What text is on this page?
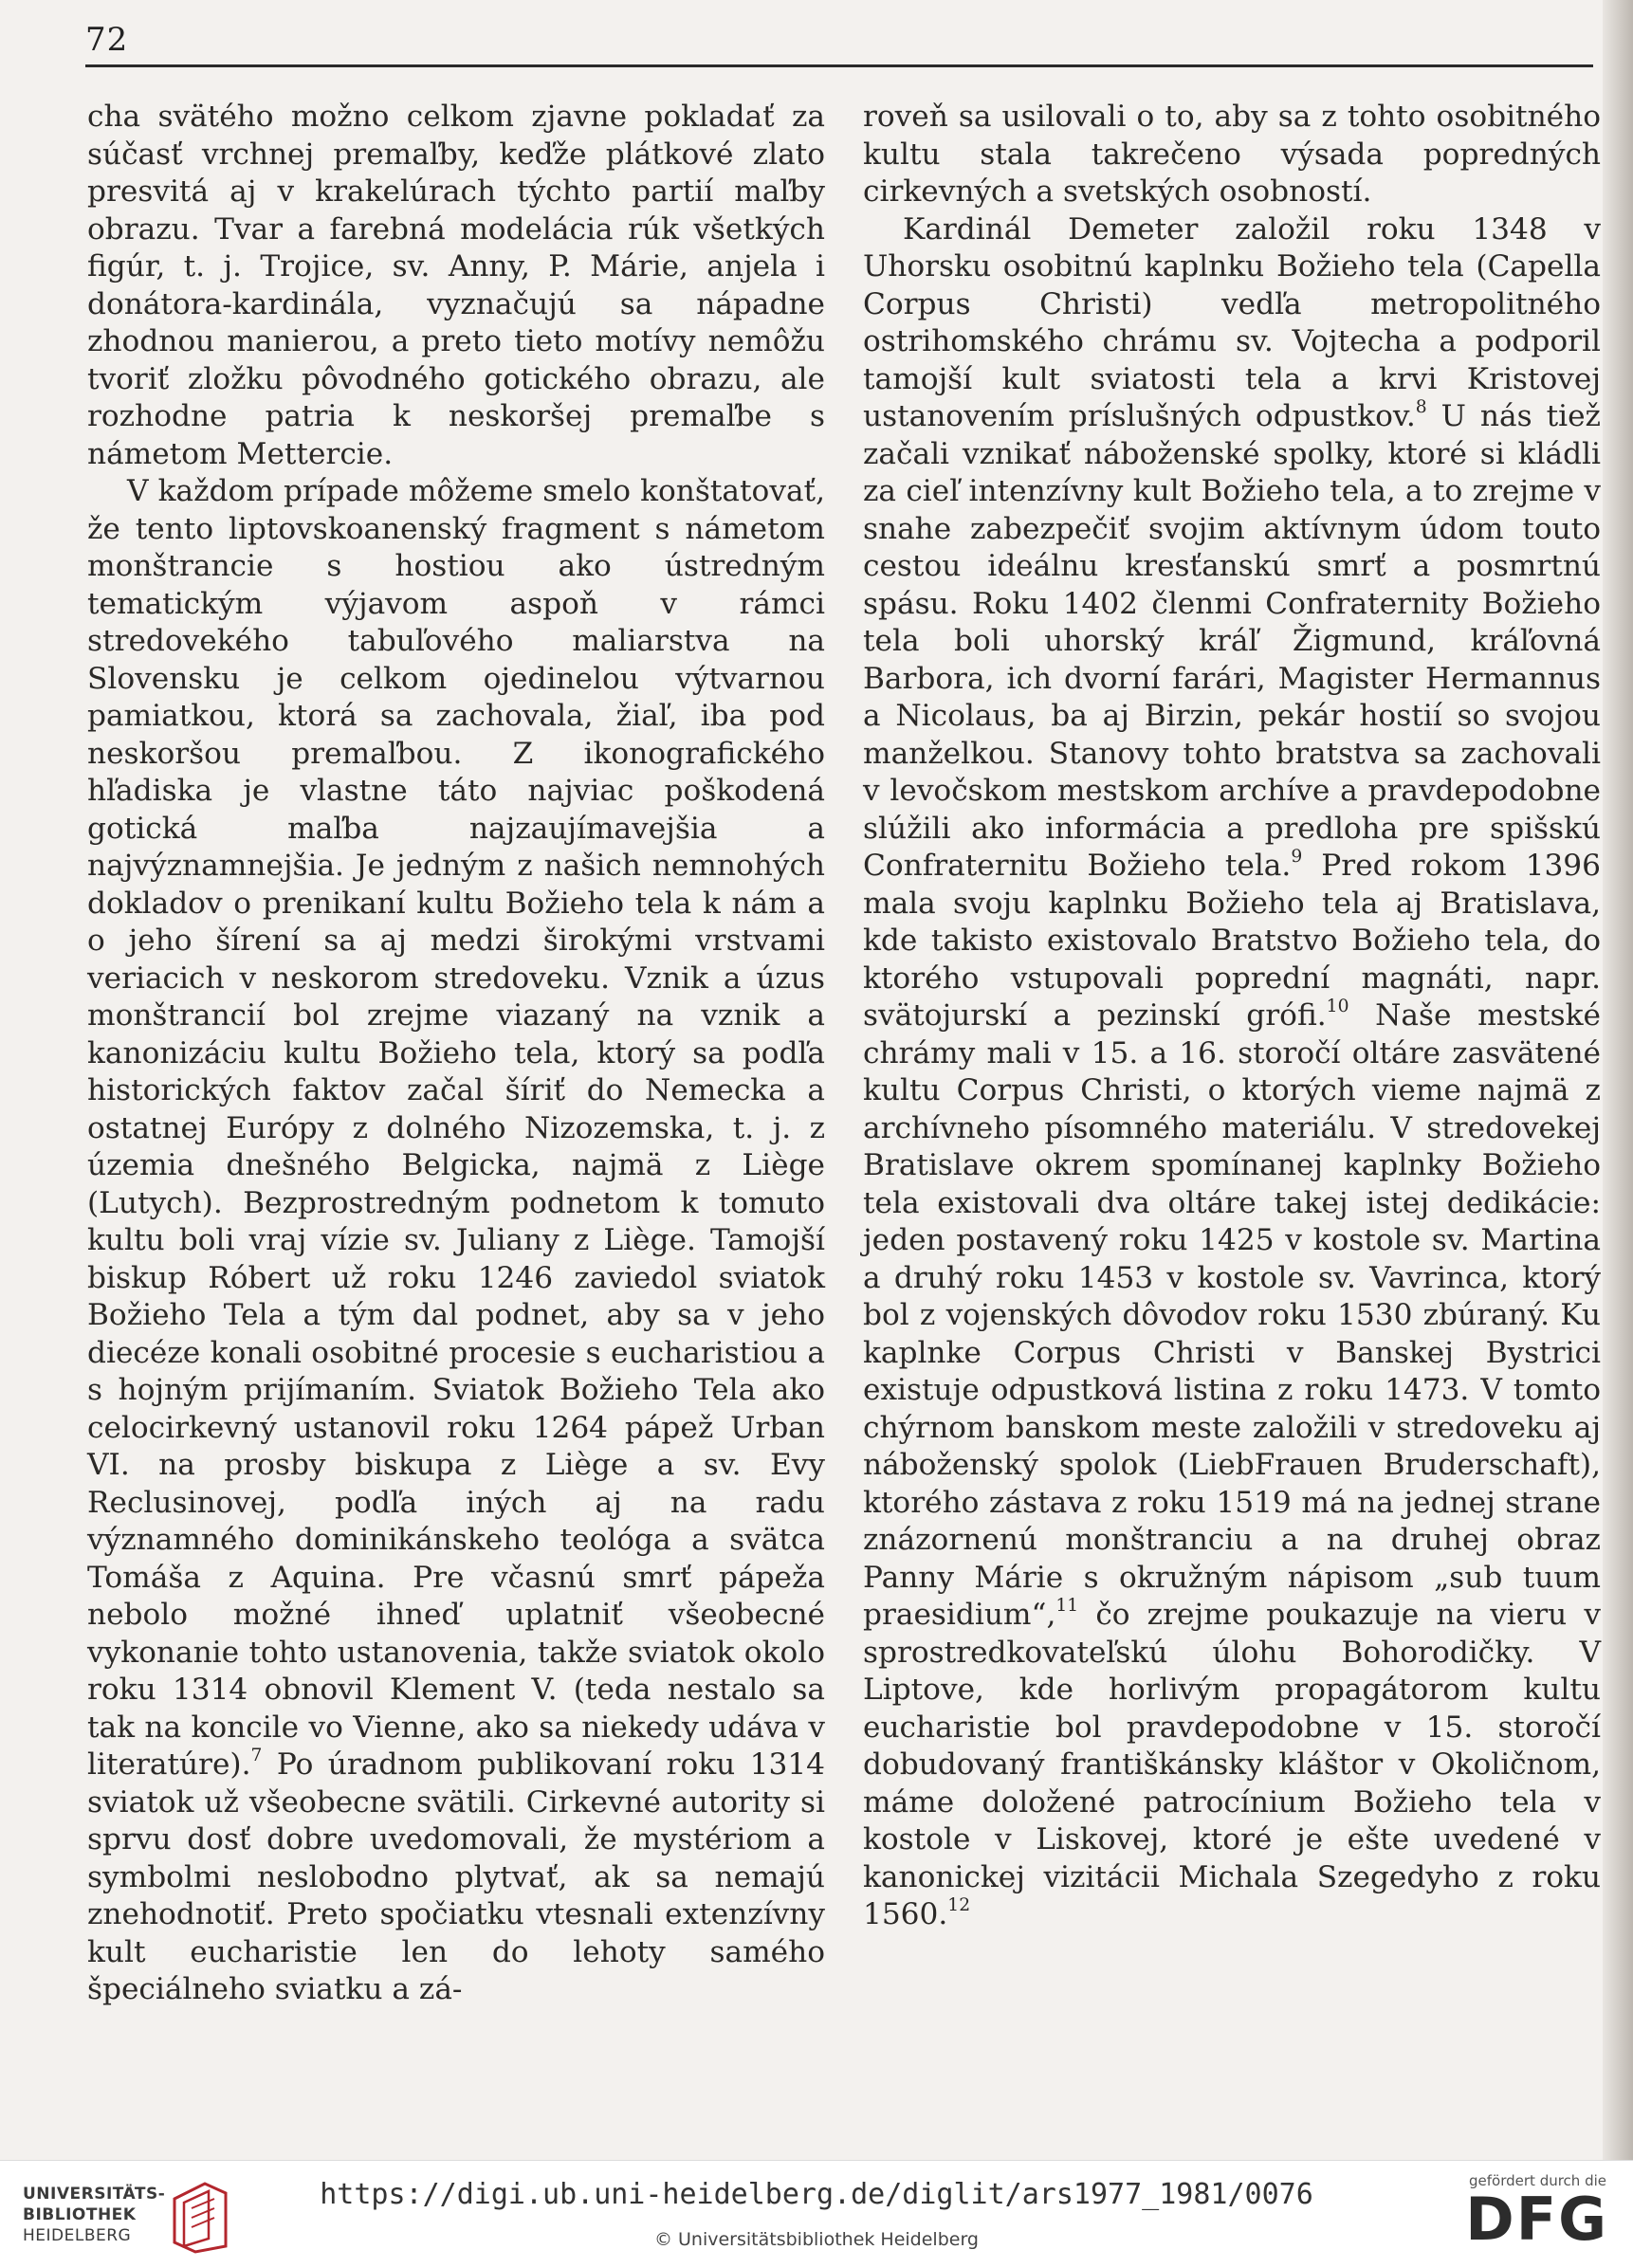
72

cha svätého možno celkom zjavne pokladať za súčasť vrchnej premaľby, keďže plátkové zlato presvitá aj v krakelúrach týchto partií maľby obrazu. Tvar a farebná modelácia rúk všetkých figúr, t. j. Trojice, sv. Anny, P. Márie, anjela i donátora-kardinála, vyznačujú sa nápadne zhodnou manierou, a preto tieto motívy nemôžu tvoriť zložku pôvodného gotického obrazu, ale rozhodne patria k neskoršej premaľbe s námetom Mettercie.

V každom prípade môžeme smelo konštatovať, že tento liptovskoanenský fragment s námetom monštrancie s hostiou ako ústredným tematickým výjavom aspoň v rámci stredovekého tabuľového maliarstva na Slovensku je celkom ojedinelou výtvarnou pamiatkou, ktorá sa zachovala, žiaľ, iba pod neskoršou premaľbou. Z ikonografického hľadiska je vlastne táto najviac poškodená gotická maľba najzaujímavejšia a najvýznamnejšia. Je jedným z našich nemnohých dokladov o prenikaní kultu Božieho tela k nám a o jeho šírení sa aj medzi širokými vrstvami veriacich v neskorom stredoveku. Vznik a úzus monštrancií bol zrejme viazaný na vznik a kanonizáciu kultu Božieho tela, ktorý sa podľa historických faktov začal šíriť do Nemecka a ostatnej Európy z dolného Nizozemska, t. j. z územia dnešného Belgicka, najmä z Liège (Lutych). Bezprostredným podnetom k tomuto kultu boli vraj vízie sv. Juliany z Liège. Tamojší biskup Róbert už roku 1246 zaviedol sviatok Božieho Tela a tým dal podnet, aby sa v jeho diecéze konali osobitné procesie s eucharistiou a s hojným prijímaním. Sviatok Božieho Tela ako celocirkevný ustanovil roku 1264 pápež Urban VI. na prosby biskupa z Liège a sv. Evy Reclusinovej, podľa iných aj na radu významného dominikánskeho teológa a svätca Tomáša z Aquina. Pre včasnú smrť pápeža nebolo možné ihneď uplatniť všeobecné vykonanie tohto ustanovenia, takže sviatok okolo roku 1314 obnovil Klement V. (teda nestalo sa tak na koncile vo Vienne, ako sa niekedy udáva v literatúre).$^7$ Po úradnom publikovaní roku 1314 sviatok už všeobecne svätili. Cirkevné autority si sprvu dosť dobre uvedomovali, že mystériom a symbolmi neslobodno plytvať, ak sa nemajú znehodnotiť. Preto spočiatku vtesnali extenzívny kult eucharistie len do lehoty samého špeciálneho sviatku a zá-

roveň sa usilovali o to, aby sa z tohto osobitného kultu stala takrečeno výsada popredných cirkevných a svetských osobností.

Kardinál Demeter založil roku 1348 v Uhorsku osobitnú kaplnku Božieho tela (Capella Corpus Christi) vedľa metropolitného ostrihomského chrámu sv. Vojtecha a podporil tamojší kult sviatosti tela a krvi Kristovej ustanovením príslušných odpustkov.$^8$ U nás tiež začali vznikať náboženské spolky, ktoré si kládli za cieľ intenzívny kult Božieho tela, a to zrejme v snahe zabezpečiť svojim aktívnym údom touto cestou ideálnu kresťanskú smrť a posmrtnú spásu. Roku 1402 členmi Confraternity Božieho tela boli uhorský kráľ Žigmund, kráľovná Barbora, ich dvorní farári, Magister Hermannus a Nicolaus, ba aj Birzin, pekár hostií so svojou manželkou. Stanovy tohto bratstva sa zachovali v levočskom mestskom archíve a pravdepodobne slúžili ako informácia a predloha pre spišskú Confraternitu Božieho tela.$^9$ Pred rokom 1396 mala svoju kaplnku Božieho tela aj Bratislava, kde takisto existovalo Bratstvo Božieho tela, do ktorého vstupovali poprední magnáti, napr. svätojurskí a pezinskí grófi.$^{10}$ Naše mestské chrámy mali v 15. a 16. storočí oltáre zasvätené kultu Corpus Christi, o ktorých vieme najmä z archívneho písomného materiálu. V stredovekej Bratislave okrem spomínanej kaplnky Božieho tela existovali dva oltáre takej istej dedikácie: jeden postavený roku 1425 v kostole sv. Martina a druhý roku 1453 v kostole sv. Vavrinca, ktorý bol z vojenských dôvodov roku 1530 zbúraný. Ku kaplnke Corpus Christi v Banskej Bystrici existuje odpustková listina z roku 1473. V tomto chýrnom banskom meste založili v stredoveku aj náboženský spolok (LiebFrauen Bruderschaft), ktorého zástava z roku 1519 má na jednej strane znázornenú monštranciu a na druhej obraz Panny Márie s okružným nápisom „sub tuum praesidium“,$^{11}$ čo zrejme poukazuje na vieru v sprostredkovateľskú úlohu Bohorodičky. V Liptove, kde horlivým propagátorom kultu eucharistie bol pravdepodobne v 15. storočí dobudovaný františkánsky kláštor v Okoličnom, máme doložené patrocínium Božieho tela v kostole v Liskovej, ktoré je ešte uvedené v kanonickej vizitácii Michala Szegedyho z roku 1560.12

UNIVERSITÄTS-
BIBLIOTHEK
HEIDELBERG
https://digi.ub.uni-heidelberg.de/diglit/ars1977_1981/0076
© Universitätsbibliothek Heidelberg
gefördert durch die
DFG
